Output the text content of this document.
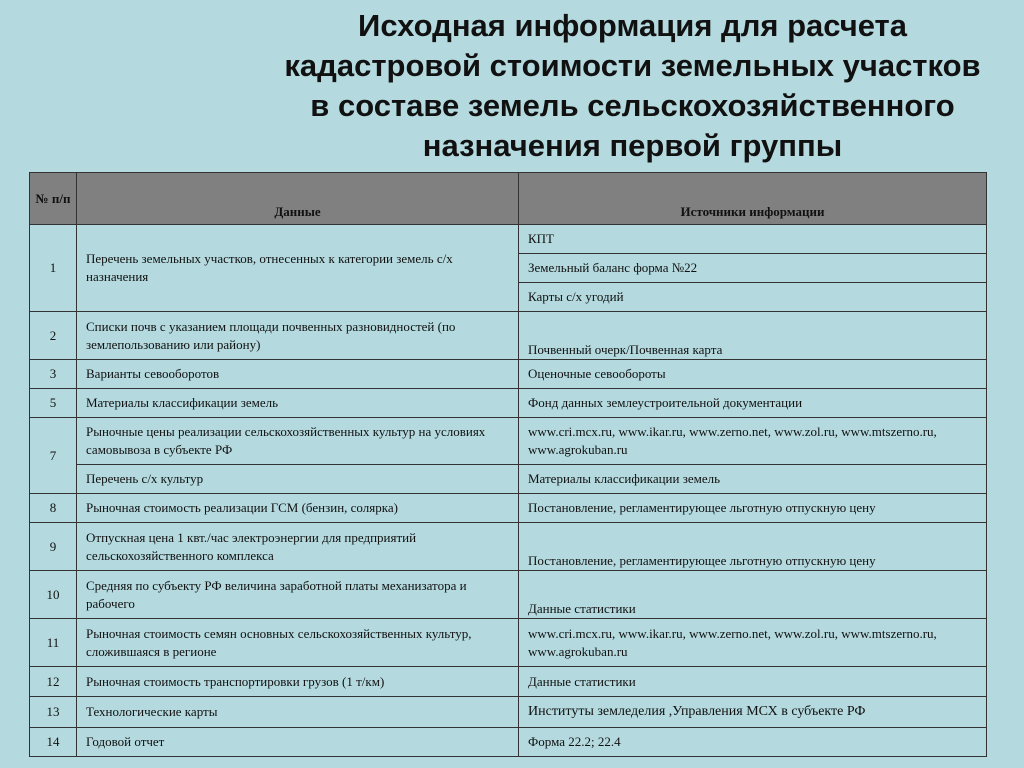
Исходная информация для расчета
кадастровой стоимости земельных участков
в составе земель сельскохозяйственного
назначения первой группы
№ п/п	Данные	Источники информации
1	Перечень земельных участков, отнесенных к категории земель с/х назначения	КПТ
		Земельный баланс форма №22
		Карты с/х угодий
2	Списки почв с указанием площади почвенных разновидностей (по землепользованию или району)	Почвенный очерк/Почвенная карта
3	Варианты севооборотов	Оценочные севообороты
5	Материалы классификации земель	Фонд данных землеустроительной документации
7	Рыночные цены реализации сельскохозяйственных культур на условиях самовывоза в субъекте РФ	www.cri.mcx.ru, www.ikar.ru, www.zerno.net, www.zol.ru, www.mtszerno.ru, www.agrokuban.ru
	Перечень с/х культур	Материалы классификации земель
8	Рыночная стоимость реализации ГСМ (бензин, солярка)	Постановление, регламентирующее льготную отпускную цену
9	Отпускная цена 1 квт./час электроэнергии для предприятий сельскохозяйственного комплекса	Постановление, регламентирующее льготную отпускную цену
10	Средняя по субъекту РФ величина заработной платы механизатора и рабочего	Данные статистики
11	Рыночная стоимость семян основных сельскохозяйственных культур, сложившаяся в регионе	www.cri.mcx.ru, www.ikar.ru, www.zerno.net, www.zol.ru, www.mtszerno.ru, www.agrokuban.ru
12	Рыночная стоимость транспортировки грузов (1 т/км)	Данные статистики
13	Технологические карты	Институты земледелия ,Управления МСХ в субъекте РФ
14	Годовой отчет	Форма 22.2; 22.4
